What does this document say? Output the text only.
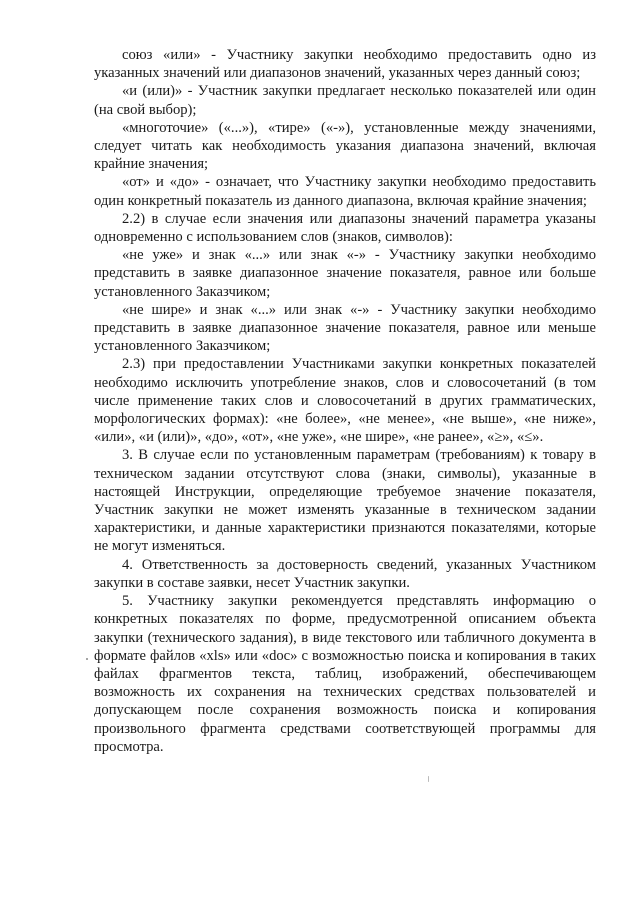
союз «или» - Участнику закупки необходимо предоставить одно из указанных значений или диапазонов значений, указанных через данный союз;

«и (или)» - Участник закупки предлагает несколько показателей или один (на свой выбор);

«многоточие» («...»), «тире» («-»), установленные между значениями, следует читать как необходимость указания диапазона значений, включая крайние значения;

«от» и «до» - означает, что Участнику закупки необходимо предоставить один конкретный показатель из данного диапазона, включая крайние значения;

2.2) в случае если значения или диапазоны значений параметра указаны одновременно с использованием слов (знаков, символов):

«не уже» и знак «...» или знак «-» - Участнику закупки необходимо представить в заявке диапазонное значение показателя, равное или больше установленного Заказчиком;

«не шире» и знак «...» или знак «-» - Участнику закупки необходимо представить в заявке диапазонное значение показателя, равное или меньше установленного Заказчиком;

2.3) при предоставлении Участниками закупки конкретных показателей необходимо исключить употребление знаков, слов и словосочетаний (в том числе применение таких слов и словосочетаний в других грамматических, морфологических формах): «не более», «не менее», «не выше», «не ниже», «или», «и (или)», «до», «от», «не уже», «не шире», «не ранее», «≥», «≤».

3. В случае если по установленным параметрам (требованиям) к товару в техническом задании отсутствуют слова (знаки, символы), указанные в настоящей Инструкции, определяющие требуемое значение показателя, Участник закупки не может изменять указанные в техническом задании характеристики, и данные характеристики признаются показателями, которые не могут изменяться.

4. Ответственность за достоверность сведений, указанных Участником закупки в составе заявки, несет Участник закупки.

5. Участнику закупки рекомендуется представлять информацию о конкретных показателях по форме, предусмотренной описанием объекта закупки (технического задания), в виде текстового или табличного документа в формате файлов «xls» или «doc» с возможностью поиска и копирования в таких файлах фрагментов текста, таблиц, изображений, обеспечивающем возможность их сохранения на технических средствах пользователей и допускающем после сохранения возможность поиска и копирования произвольного фрагмента средствами соответствующей программы для просмотра.
